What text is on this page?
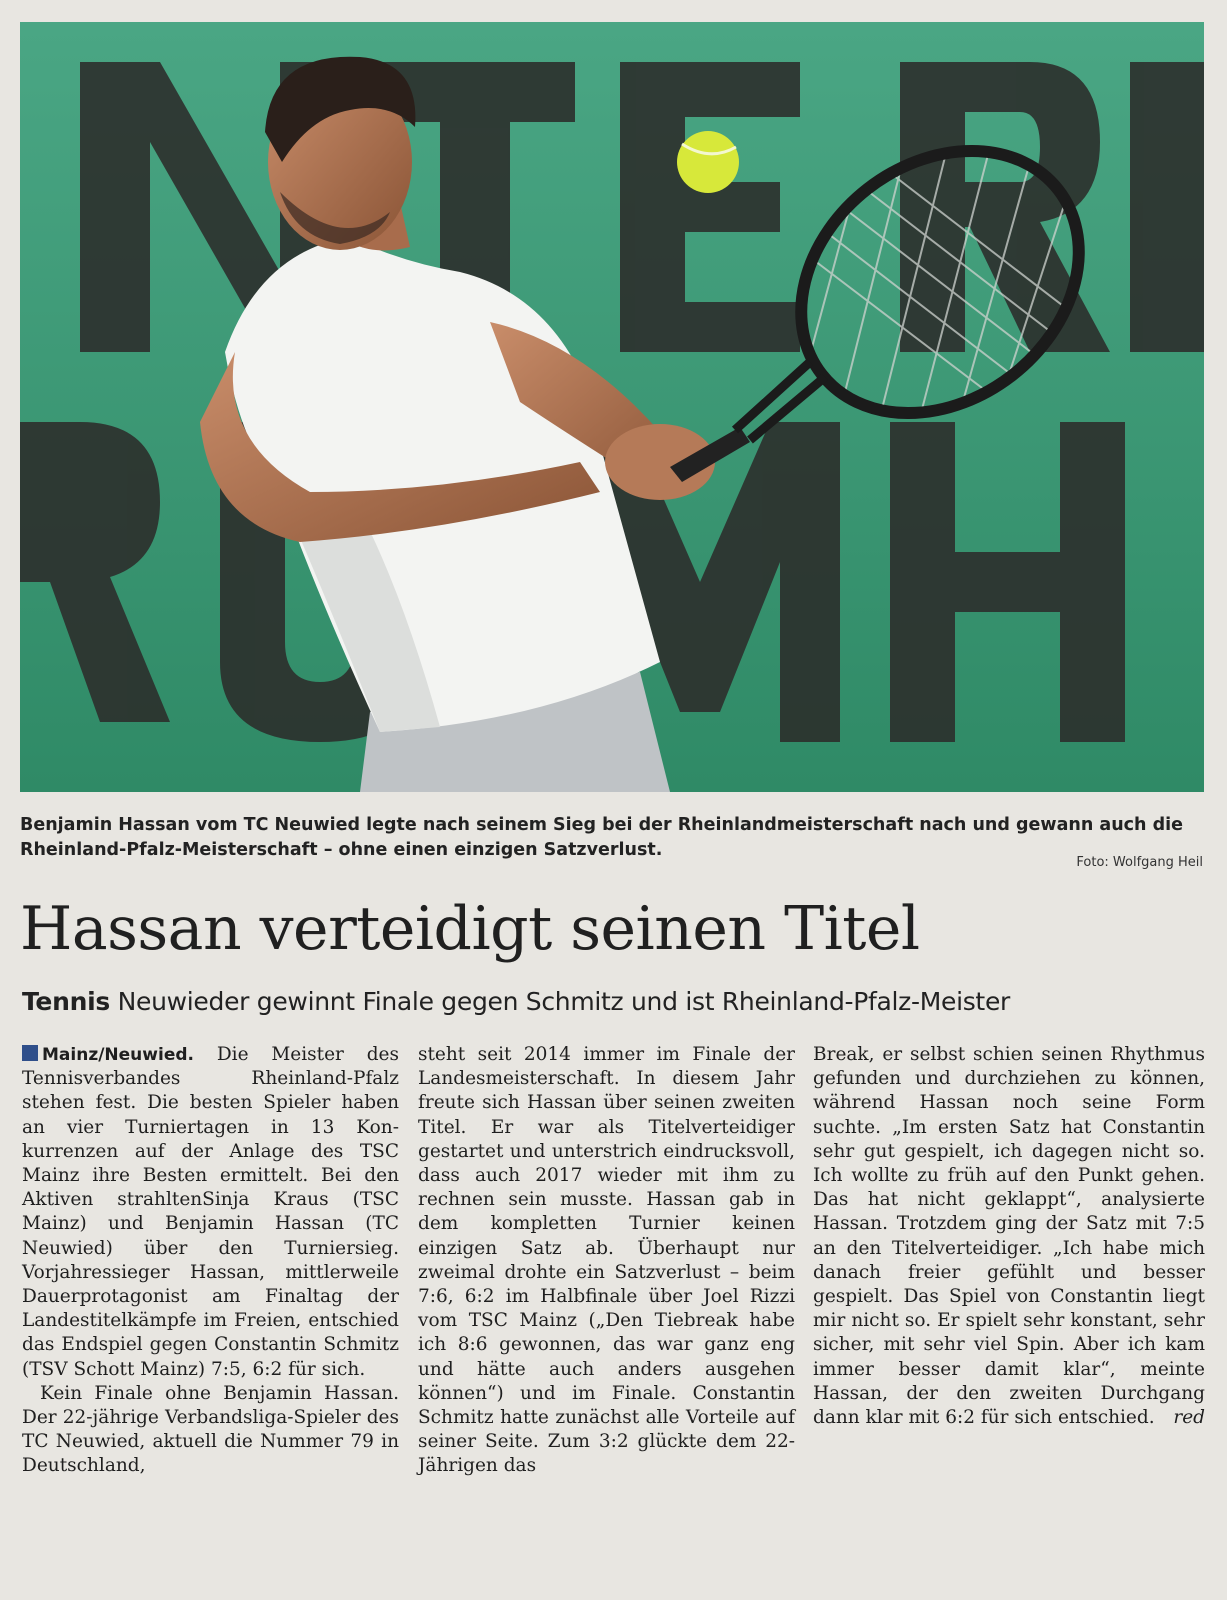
Benjamin Hassan vom TC Neuwied legte nach seinem Sieg bei der Rheinlandmeisterschaft nach und gewann auch die Rheinland-Pfalz-Meisterschaft – ohne einen einzigen Satzverlust.
Foto: Wolfgang Heil
Hassan verteidigt seinen Titel
Tennis Neuwieder gewinnt Finale gegen Schmitz und ist Rheinland-Pfalz-Meister

Mainz/Neuwied. Die Meister des Tennisverbandes Rheinland-Pfalz stehen fest. Die besten Spieler haben an vier Turniertagen in 13 Konkurrenzen auf der Anlage des TSC Mainz ihre Besten ermittelt. Bei den Aktiven strahltenSinja Kraus (TSC Mainz) und Benjamin Hassan (TC Neuwied) über den Turniersieg. Vorjahressieger Hassan, mittlerweile Dauerprotagonist am Finaltag der Landestitelkämpfe im Freien, entschied das Endspiel gegen Constantin Schmitz (TSV Schott Mainz) 7:5, 6:2 für sich.

Kein Finale ohne Benjamin Hassan. Der 22-jährige Verbandsliga-Spieler des TC Neuwied, aktuell die Nummer 79 in Deutschland,

steht seit 2014 immer im Finale der Landesmeisterschaft. In diesem Jahr freute sich Hassan über seinen zweiten Titel. Er war als Titelverteidiger gestartet und unterstrich eindrucksvoll, dass auch 2017 wieder mit ihm zu rechnen sein musste. Hassan gab in dem kompletten Turnier keinen einzigen Satz ab. Überhaupt nur zweimal drohte ein Satzverlust – beim 7:6, 6:2 im Halbfinale über Joel Rizzi vom TSC Mainz („Den Tiebreak habe ich 8:6 gewonnen, das war ganz eng und hätte auch anders ausgehen können“) und im Finale. Constantin Schmitz hatte zunächst alle Vorteile auf seiner Seite. Zum 3:2 glückte dem 22-Jährigen das

Break, er selbst schien seinen Rhythmus gefunden und durchziehen zu können, während Hassan noch seine Form suchte. „Im ersten Satz hat Constantin sehr gut gespielt, ich dagegen nicht so. Ich wollte zu früh auf den Punkt gehen. Das hat nicht geklappt“, analysierte Hassan. Trotzdem ging der Satz mit 7:5 an den Titelverteidiger. „Ich habe mich danach freier gefühlt und besser gespielt. Das Spiel von Constantin liegt mir nicht so. Er spielt sehr konstant, sehr sicher, mit sehr viel Spin. Aber ich kam immer besser damit klar“, meinte Hassan, der den zweiten Durchgang dann klar mit 6:2 für sich entschied. red
